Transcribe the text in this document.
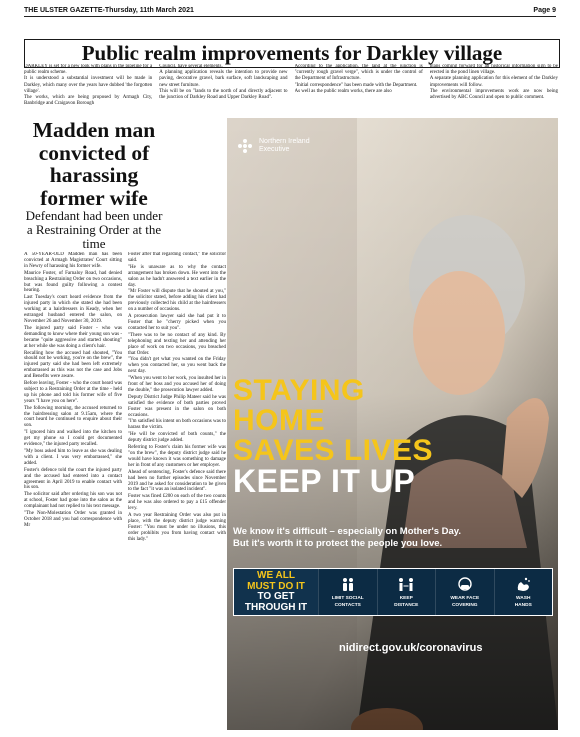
THE ULSTER GAZETTE-Thursday, 11th March 2021	Page 9
Public realm improvements for Darkley village

DARKLEY is set for a new look with plans in the pipeline for a public realm scheme.

It is understood a substantial investment will be made in Darkley, which many over the years have dubbed 'the forgotten village'.

The works, which are being proposed by Armagh City, Banbridge and Craigavon Borough

Council, have several elements.

A planning application reveals the intention to provide new paving, decorative gravel, bark surface, soft landscaping and new street furniture.

This will be on "lands to the north of and directly adjacent to the junction of Darkley Road and Upper Darkley Road".

According to the application, the land at the junction is "currently rough gravel verge", which is under the control of the Department of Infrastructure.

"Initial correspondence" has been made with the Department.

As well as the public realm works, there are also

plans coming forward for an historical information sign to be erected in the pond linen village.

A separate planning application for this element of the Darkley improvements will follow.

The environmental improvements work are now being advertised by ABC Council and open to public comment.

Madden man convicted of harassing former wife
Defendant had been under a Restraining Order at the time

A 50-YEAR-OLD Madden man has been convicted at Armagh Magistrates' Court sitting in Newry of harassing his former wife.

Maurice Foster, of Farnaloy Road, had denied breaching a Restraining Order on two occasions, but was found guilty following a contest hearing.

Last Tuesday's court heard evidence from the injured party in which she stated she had been working at a hairdressers in Keady, when her estranged husband entered the salon, on November 26 and November 30, 2019.

The injured party said Foster - who was demanding to know where their young son was - became "quite aggressive and started shouting" at her while she was doing a client's hair.

Recalling how the accused had shouted, "You should not be working, you're on the brew", the injured party said she had been left extremely embarrassed as this was not the case and Jobs and Benefits were aware.

Before leaving, Foster - who the court heard was subject to a Restraining Order at the time - held up his phone and told his former wife of five years "I have you on here".

The following morning, the accused returned to the hairdressing salon at 9.15am, where the court heard he continued to enquire about their son.

"I ignored him and walked into the kitchen to get my phone so I could get documented evidence," the injured party recalled.

"My boss asked him to leave as she was dealing with a client. I was very embarrassed," she added.

Foster's defence told the court the injured party and the accused had entered into a contact agreement in April 2019 to enable contact with his son.

The solicitor said after ordering his son was not at school, Foster had gone into the salon as the complainant had not replied to his text message.

"The Non-Molestation Order was granted in October 2018 and you had correspondence with Mr

Foster after that regarding contact," the solicitor said.

"He is unaware as to why the contact arrangement has broken down. He went into the salon as he hadn't answered a text earlier in the day.

"Mr Foster will dispute that he shouted at you," the solicitor stated, before adding his client had previously collected his child at the hairdressers on a number of occasions.

A prosecution lawyer said she had put it to Foster that he "cherry picked when you contacted her to suit you".

"There was to be no contact of any kind. By telephoning and texting her and attending her place of work on two occasions, you breached that Order.

"You didn't get what you wanted on the Friday when you contacted her, so you went back the next day.

"When you went to her work, you insulted her in front of her boss and you accused her of doing the double," the prosecution lawyer added.

Deputy District Judge Philip Mateer said he was satisfied the evidence of both parties proved Foster was present in the salon on both occasions.

"I'm satisfied his intent on both occasions was to harass the victim.

"He will be convicted of both counts," the deputy district judge added.

Referring to Foster's claim his former wife was "on the brew", the deputy district judge said he would have known it was something to damage her in front of any customers or her employer.

Ahead of sentencing, Foster's defence said there had been no further episodes since November 2019 and he asked for consideration to be given to the fact "it was an isolated incident".

Foster was fined £200 on each of the two counts and he was also ordered to pay a £15 offender levy.

A two year Restraining Order was also put in place, with the deputy district judge warning Foster: "You must be under no illusions, this order prohibits you from having contact with this lady."

Northern Ireland
Executive
STAYING
HOME
SAVES LIVES
KEEP IT UP
We know it's difficult – especially on Mother's Day.
But it's worth it to protect the people you love.
WE ALL
MUST DO IT
TO GET
THROUGH IT
LIMIT SOCIAL
CONTACTS
KEEP
DISTANCE
WEAR FACE
COVERING
WASH
HANDS
nidirect.gov.uk/coronavirus
